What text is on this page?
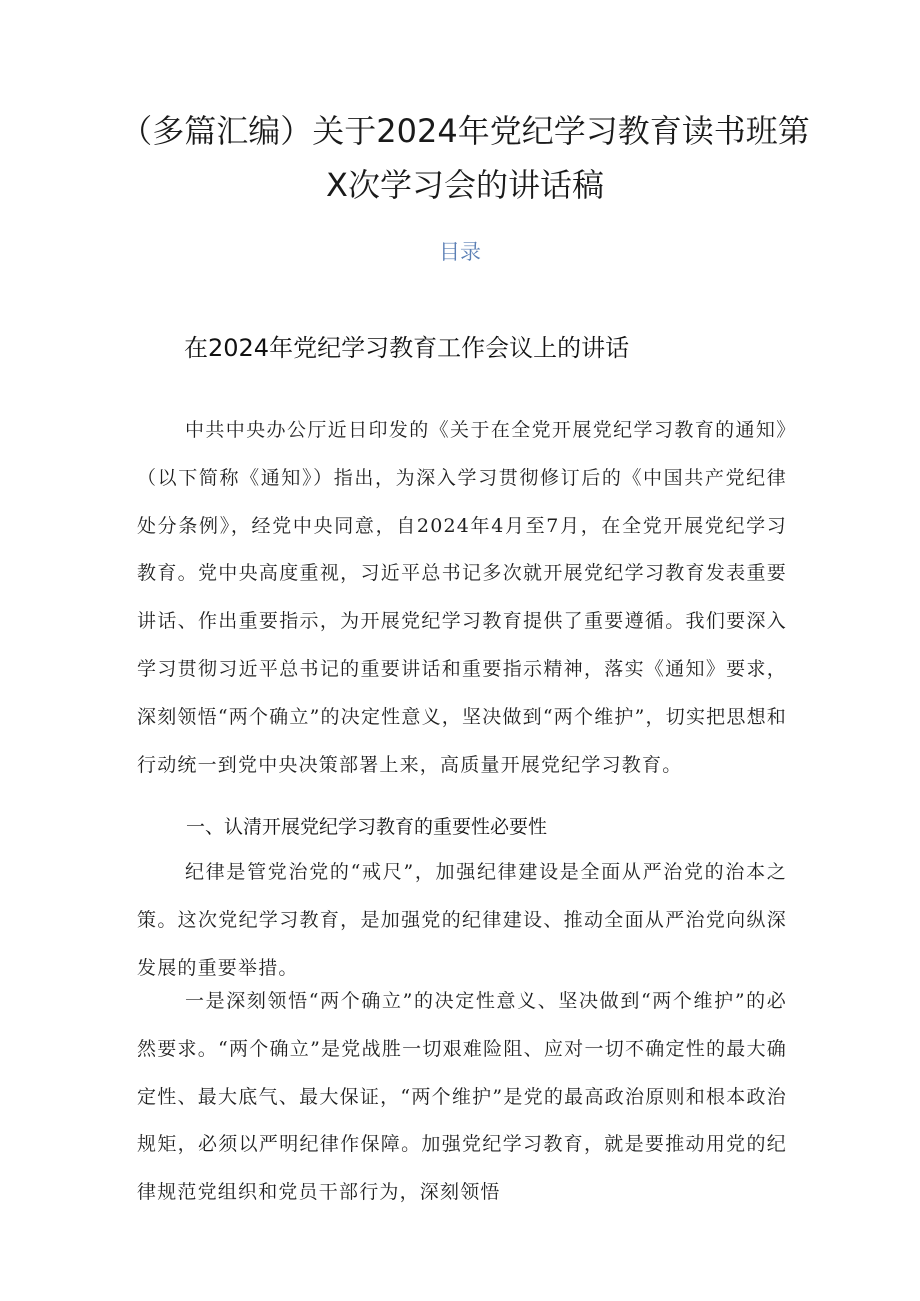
（多篇汇编）关于2024年党纪学习教育读书班第X次学习会的讲话稿
目录
在2024年党纪学习教育工作会议上的讲话

中共中央办公厅近日印发的《关于在全党开展党纪学习教育的通知》（以下简称《通知》）指出，为深入学习贯彻修订后的《中国共产党纪律处分条例》，经党中央同意，自2024年4月至7月，在全党开展党纪学习教育。党中央高度重视，习近平总书记多次就开展党纪学习教育发表重要讲话、作出重要指示，为开展党纪学习教育提供了重要遵循。我们要深入学习贯彻习近平总书记的重要讲话和重要指示精神，落实《通知》要求，深刻领悟“两个确立”的决定性意义，坚决做到“两个维护”，切实把思想和行动统一到党中央决策部署上来，高质量开展党纪学习教育。

一、认清开展党纪学习教育的重要性必要性

纪律是管党治党的“戒尺”，加强纪律建设是全面从严治党的治本之策。这次党纪学习教育，是加强党的纪律建设、推动全面从严治党向纵深发展的重要举措。

一是深刻领悟“两个确立”的决定性意义、坚决做到“两个维护”的必然要求。“两个确立”是党战胜一切艰难险阻、应对一切不确定性的最大确定性、最大底气、最大保证，“两个维护”是党的最高政治原则和根本政治规矩，必须以严明纪律作保障。加强党纪学习教育，就是要推动用党的纪律规范党组织和党员干部行为，深刻领悟
